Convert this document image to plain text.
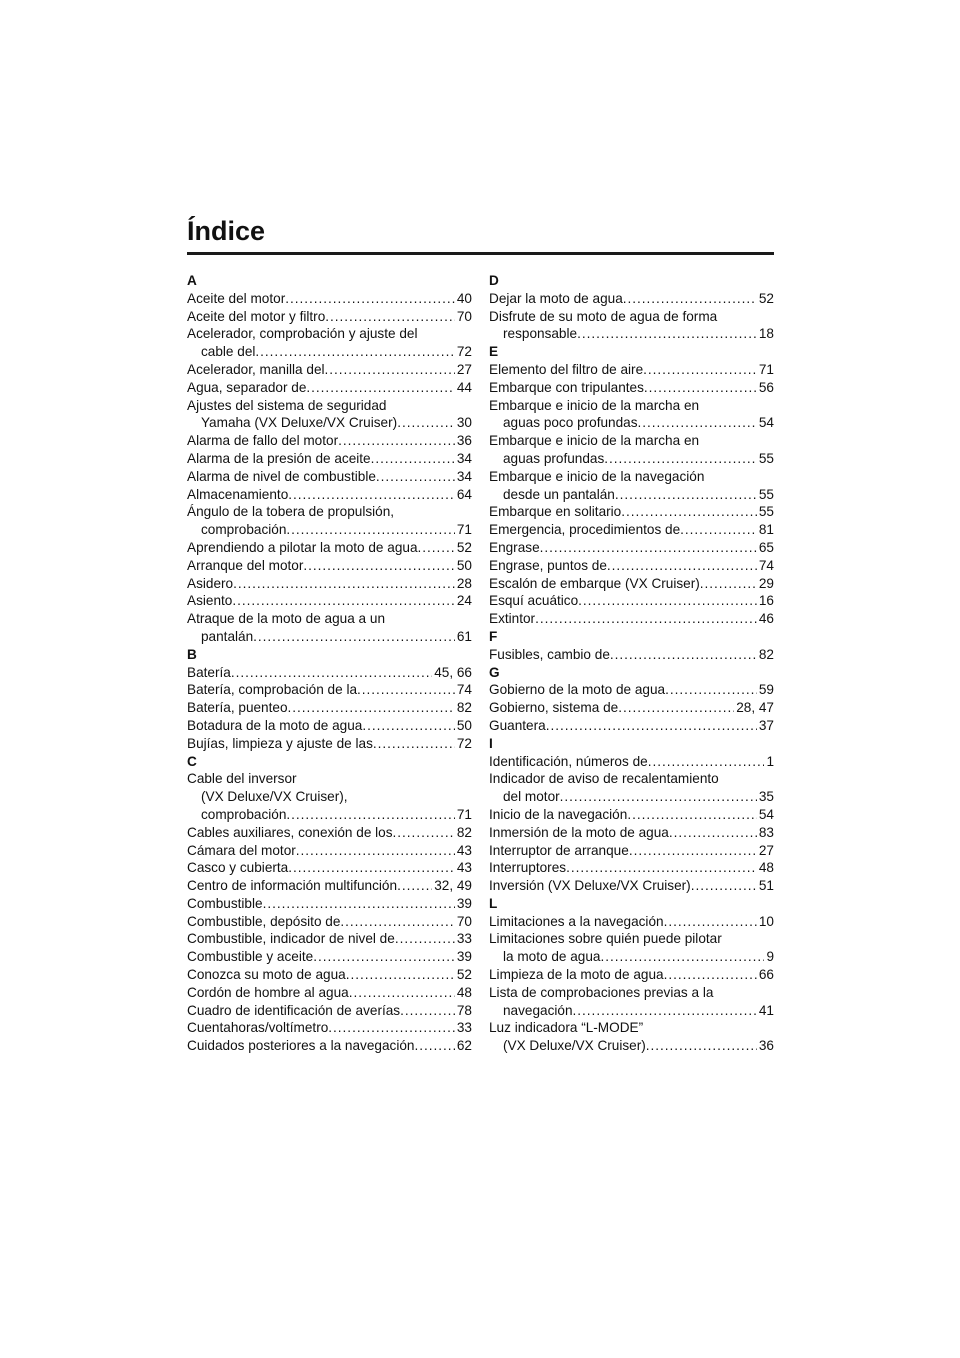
Índice
A
Aceite del motor . . .	40
Aceite del motor y filtro . . .	70
Acelerador, comprobación y ajuste del
cable del . . .	72
Acelerador, manilla del . . .	27
Agua, separador de . . .	44
Ajustes del sistema de seguridad
Yamaha (VX Deluxe/VX Cruiser) . . .	30
Alarma de fallo del motor . . .	36
Alarma de la presión de aceite . . .	34
Alarma de nivel de combustible . . .	34
Almacenamiento . . .	64
Ángulo de la tobera de propulsión,
comprobación . . .	71
Aprendiendo a pilotar la moto de agua . . .	52
Arranque del motor . . .	50
Asidero . . .	28
Asiento . . .	24
Atraque de la moto de agua a un
pantalán . . .	61
B
Batería . . .	45, 66
Batería, comprobación de la . . .	74
Batería, puenteo . . .	82
Botadura de la moto de agua . . .	50
Bujías, limpieza y ajuste de las . . .	72
C
Cable del inversor
(VX Deluxe/VX Cruiser),
comprobación . . .	71
Cables auxiliares, conexión de los . . .	82
Cámara del motor . . .	43
Casco y cubierta . . .	43
Centro de información multifunción . . .	32, 49
Combustible . . .	39
Combustible, depósito de . . .	70
Combustible, indicador de nivel de . . .	33
Combustible y aceite . . .	39
Conozca su moto de agua . . .	52
Cordón de hombre al agua . . .	48
Cuadro de identificación de averías . . .	78
Cuentahoras/voltímetro . . .	33
Cuidados posteriores a la navegación . . .	62
D
Dejar la moto de agua . . .	52
Disfrute de su moto de agua de forma
responsable . . .	18
E
Elemento del filtro de aire . . .	71
Embarque con tripulantes . . .	56
Embarque e inicio de la marcha en
aguas poco profundas . . .	54
Embarque e inicio de la marcha en
aguas profundas . . .	55
Embarque e inicio de la navegación
desde un pantalán . . .	55
Embarque en solitario . . .	55
Emergencia, procedimientos de . . .	81
Engrase . . .	65
Engrase, puntos de . . .	74
Escalón de embarque (VX Cruiser) . . .	29
Esquí acuático . . .	16
Extintor . . .	46
F
Fusibles, cambio de . . .	82
G
Gobierno de la moto de agua . . .	59
Gobierno, sistema de . . .	28, 47
Guantera . . .	37
I
Identificación, números de . . .	1
Indicador de aviso de recalentamiento
del motor . . .	35
Inicio de la navegación . . .	54
Inmersión de la moto de agua . . .	83
Interruptor de arranque . . .	27
Interruptores . . .	48
Inversión (VX Deluxe/VX Cruiser) . . .	51
L
Limitaciones a la navegación . . .	10
Limitaciones sobre quién puede pilotar
la moto de agua . . .	9
Limpieza de la moto de agua . . .	66
Lista de comprobaciones previas a la
navegación . . .	41
Luz indicadora “L-MODE”
(VX Deluxe/VX Cruiser) . . .	36
